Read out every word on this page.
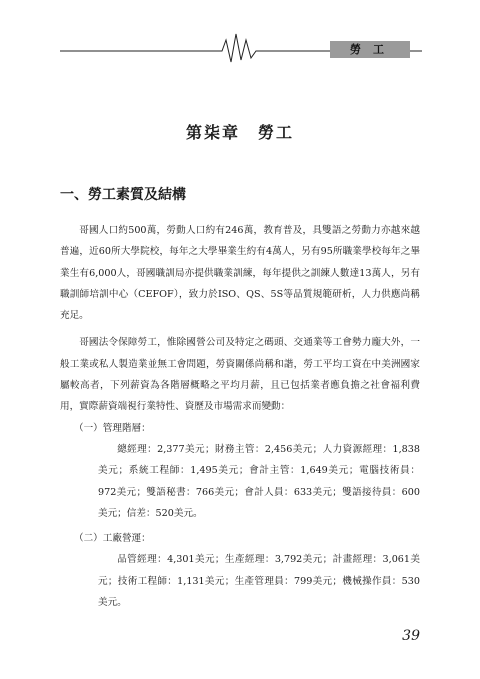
勞工
第柒章　勞工
一、勞工素質及結構

哥國人口約500萬，勞動人口約有246萬，教育普及，具雙語之勞動力亦越來越普遍，近60所大學院校，每年之大學畢業生約有4萬人，另有95所職業學校每年之畢業生有6,000人，哥國職訓局亦提供職業訓練，每年提供之訓練人數達13萬人，另有職訓師培訓中心（CEFOF），致力於ISO、QS、5S等品質規範研析，人力供應尚稱充足。

哥國法令保障勞工，惟除國營公司及特定之碼頭、交通業等工會勢力龐大外，一般工業或私人製造業並無工會問題，勞資關係尚稱和諧，勞工平均工資在中美洲國家屬較高者，下列薪資為各階層概略之平均月薪，且已包括業者應負擔之社會福利費用，實際薪資端視行業特性、資歷及市場需求而變動：

（一）管理階層：
總經理：2,377美元；財務主管：2,456美元；人力資源經理：1,838美元；系統工程師：1,495美元；會計主管：1,649美元；電腦技術員：972美元；雙語秘書：766美元；會計人員：633美元；雙語接待員：600美元；信差：520美元。
（二）工廠營運：
品管經理：4,301美元；生產經理：3,792美元；計畫經理：3,061美元；技術工程師：1,131美元；生產管理員：799美元；機械操作員：530美元。
39
